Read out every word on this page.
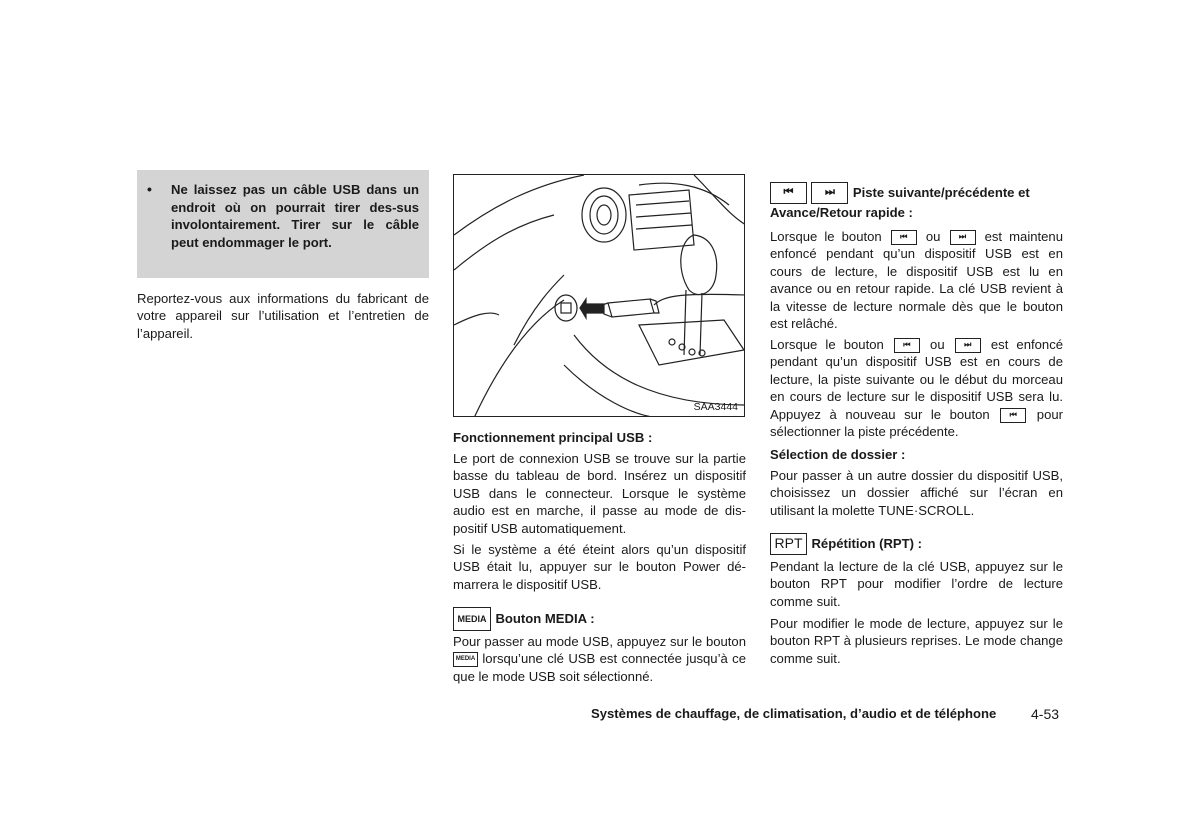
• Ne laissez pas un câble USB dans un endroit où on pourrait tirer des-sus involontairement. Tirer sur le câble peut endommager le port.

Reportez-vous aux informations du fabricant de votre appareil sur l’utilisation et l’entretien de l’appareil.

SAA3444

Fonctionnement principal USB :

Le port de connexion USB se trouve sur la partie basse du tableau de bord. Insérez un dispositif USB dans le connecteur. Lorsque le système audio est en marche, il passe au mode de dis-positif USB automatiquement.

Si le système a été éteint alors qu’un dispositif USB était lu, appuyer sur le bouton Power dé-marrera le dispositif USB.

MEDIA Bouton MEDIA :

Pour passer au mode USB, appuyez sur le bouton MEDIA lorsqu’une clé USB est connectée jusqu’à ce que le mode USB soit sélectionné.

⏮	⏭ Piste suivante/précédente et Avance/Retour rapide :

Lorsque le bouton ⏮ ou ⏭ est maintenu enfoncé pendant qu’un dispositif USB est en cours de lecture, le dispositif USB est lu en avance ou en retour rapide. La clé USB revient à la vitesse de lecture normale dès que le bouton est relâché.

Lorsque le bouton ⏮ ou ⏭ est enfoncé pendant qu’un dispositif USB est en cours de lecture, la piste suivante ou le début du morceau en cours de lecture sur le dispositif USB sera lu. Appuyez à nouveau sur le bouton ⏮ pour sélectionner la piste précédente.

Sélection de dossier :

Pour passer à un autre dossier du dispositif USB, choisissez un dossier affiché sur l’écran en utilisant la molette TUNE·SCROLL.

RPT Répétition (RPT) :

Pendant la lecture de la clé USB, appuyez sur le bouton RPT pour modifier l’ordre de lecture comme suit.

Pour modifier le mode de lecture, appuyez sur le bouton RPT à plusieurs reprises. Le mode change comme suit.

Systèmes de chauffage, de climatisation, d’audio et de téléphone 4-53
